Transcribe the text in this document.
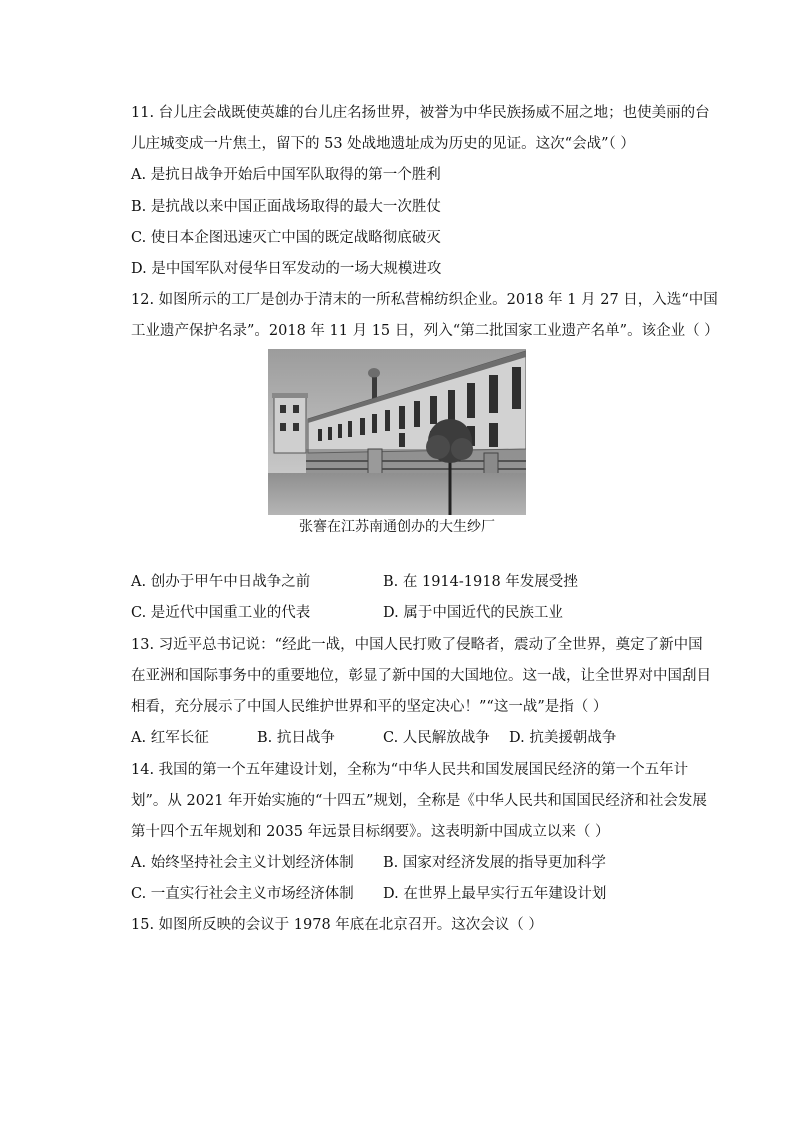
11. 台儿庄会战既使英雄的台儿庄名扬世界，被誉为中华民族扬威不屈之地；也使美丽的台
儿庄城变成一片焦土，留下的 53 处战地遗址成为历史的见证。这次“会战”（ ）
A. 是抗日战争开始后中国军队取得的第一个胜利
B. 是抗战以来中国正面战场取得的最大一次胜仗
C. 使日本企图迅速灭亡中国的既定战略彻底破灭
D. 是中国军队对侵华日军发动的一场大规模进攻
12. 如图所示的工厂是创办于清末的一所私营棉纺织企业。2018 年 1 月 27 日，入选“中国
工业遗产保护名录”。2018 年 11 月 15 日，列入“第二批国家工业遗产名单”。该企业（ ）
张謇在江苏南通创办的大生纱厂
A. 创办于甲午中日战争之前	B. 在 1914-1918 年发展受挫
C. 是近代中国重工业的代表	D. 属于中国近代的民族工业
13. 习近平总书记说：“经此一战，中国人民打败了侵略者，震动了全世界，奠定了新中国
在亚洲和国际事务中的重要地位，彰显了新中国的大国地位。这一战，让全世界对中国刮目
相看，充分展示了中国人民维护世界和平的坚定决心！”“这一战”是指（ ）
A. 红军长征	B. 抗日战争	C. 人民解放战争 D. 抗美援朝战争
14. 我国的第一个五年建设计划，全称为“中华人民共和国发展国民经济的第一个五年计
划”。从 2021 年开始实施的“十四五”规划，全称是《中华人民共和国国民经济和社会发展
第十四个五年规划和 2035 年远景目标纲要》。这表明新中国成立以来（ ）
A. 始终坚持社会主义计划经济体制 B. 国家对经济发展的指导更加科学
C. 一直实行社会主义市场经济体制 D. 在世界上最早实行五年建设计划
15. 如图所反映的会议于 1978 年底在北京召开。这次会议（ ）
